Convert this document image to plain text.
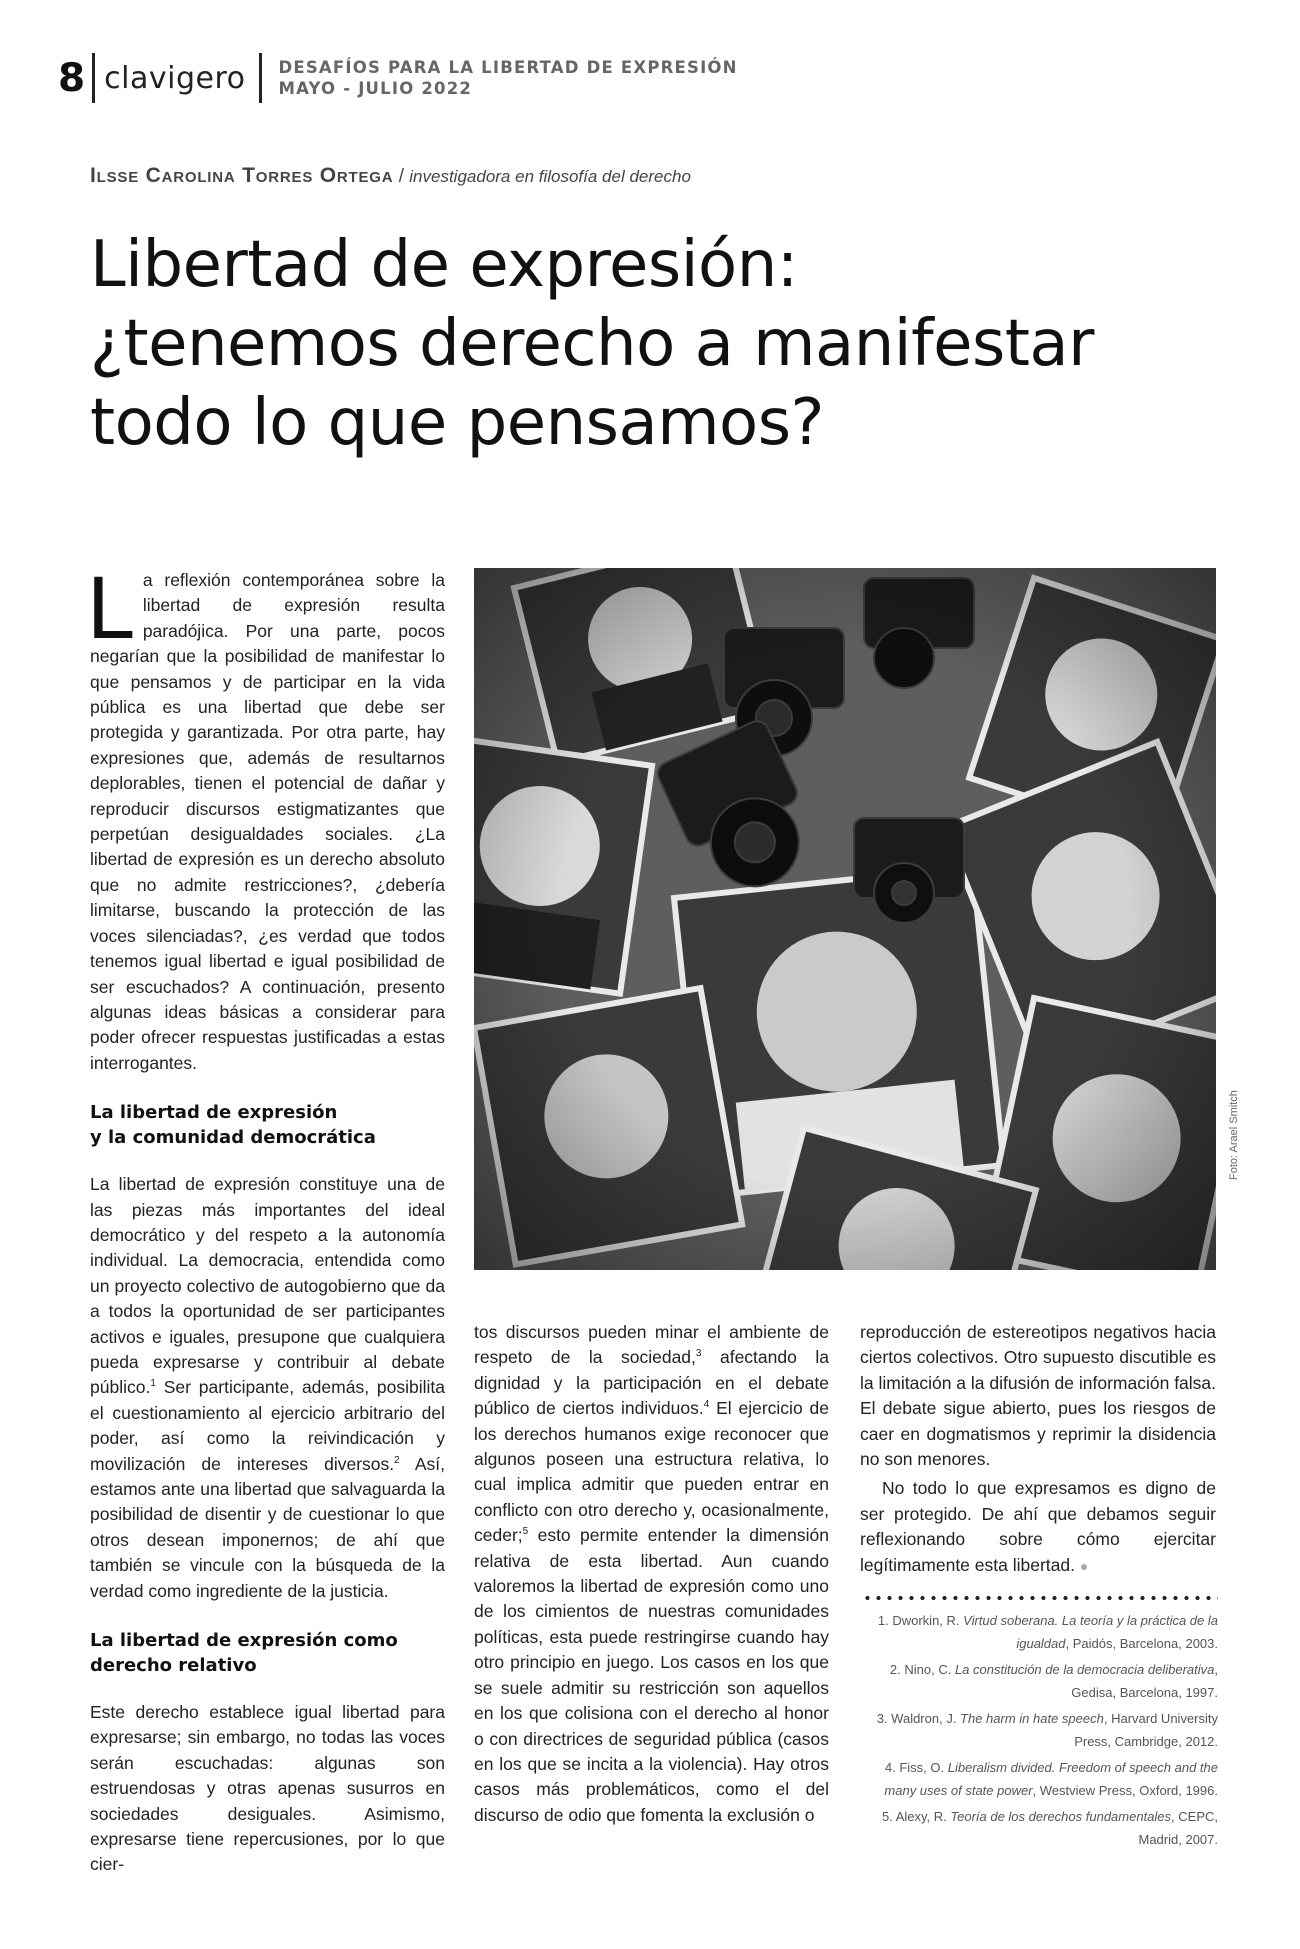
8 clavigero DESAFÍOS PARA LA LIBERTAD DE EXPRESIÓN
MAYO - JULIO 2022
Ilsse Carolina Torres Ortega / investigadora en filosofía del derecho
Libertad de expresión:
¿tenemos derecho a manifestar
todo lo que pensamos?

La reflexión contemporánea sobre la libertad de expresión resulta paradójica. Por una parte, pocos negarían que la posibilidad de manifestar lo que pensamos y de participar en la vida pública es una libertad que debe ser protegida y garantizada. Por otra parte, hay expresiones que, además de resultarnos deplorables, tienen el potencial de dañar y reproducir discursos estigmatizantes que perpetúan desigualdades sociales. ¿La libertad de expresión es un derecho absoluto que no admite restricciones?, ¿debería limitarse, buscando la protección de las voces silenciadas?, ¿es verdad que todos tenemos igual libertad e igual posibilidad de ser escuchados? A continuación, presento algunas ideas básicas a considerar para poder ofrecer respuestas justificadas a estas interrogantes.

La libertad de expresión
y la comunidad democrática

La libertad de expresión constituye una de las piezas más importantes del ideal democrático y del respeto a la autonomía individual. La democracia, entendida como un proyecto colectivo de autogobierno que da a todos la oportunidad de ser participantes activos e iguales, presupone que cualquiera pueda expresarse y contribuir al debate público.$^1$ Ser participante, además, posibilita el cuestionamiento al ejercicio arbitrario del poder, así como la reivindicación y movilización de intereses diversos.$^2$ Así, estamos ante una libertad que salvaguarda la posibilidad de disentir y de cuestionar lo que otros desean imponernos; de ahí que también se vincule con la búsqueda de la verdad como ingrediente de la justicia.

La libertad de expresión como
derecho relativo

Este derecho establece igual libertad para expresarse; sin embargo, no todas las voces serán escuchadas: algunas son estruendosas y otras apenas susurros en sociedades desiguales. Asimismo, expresarse tiene repercusiones, por lo que cier-

Foto: Arael Smitch

tos discursos pueden minar el ambiente de respeto de la sociedad,$^3$ afectando la dignidad y la participación en el debate público de ciertos individuos.$^4$ El ejercicio de los derechos humanos exige reconocer que algunos poseen una estructura relativa, lo cual implica admitir que pueden entrar en conflicto con otro derecho y, ocasionalmente, ceder;$^5$ esto permite entender la dimensión relativa de esta libertad. Aun cuando valoremos la libertad de expresión como uno de los cimientos de nuestras comunidades políticas, esta puede restringirse cuando hay otro principio en juego. Los casos en los que se suele admitir su restricción son aquellos en los que colisiona con el derecho al honor o con directrices de seguridad pública (casos en los que se incita a la violencia). Hay otros casos más problemáticos, como el del discurso de odio que fomenta la exclusión o

reproducción de estereotipos negativos hacia ciertos colectivos. Otro supuesto discutible es la limitación a la difusión de información falsa. El debate sigue abierto, pues los riesgos de caer en dogmatismos y reprimir la disidencia no son menores.

No todo lo que expresamos es digno de ser protegido. De ahí que debamos seguir reflexionando sobre cómo ejercitar legítimamente esta libertad. ●

1. Dworkin, R. Virtud soberana. La teoría y la práctica de la igualdad, Paidós, Barcelona, 2003.
2. Nino, C. La constitución de la democracia deliberativa, Gedisa, Barcelona, 1997.
3. Waldron, J. The harm in hate speech, Harvard University Press, Cambridge, 2012.
4. Fiss, O. Liberalism divided. Freedom of speech and the many uses of state power, Westview Press, Oxford, 1996.
5. Alexy, R. Teoría de los derechos fundamentales, CEPC, Madrid, 2007.
